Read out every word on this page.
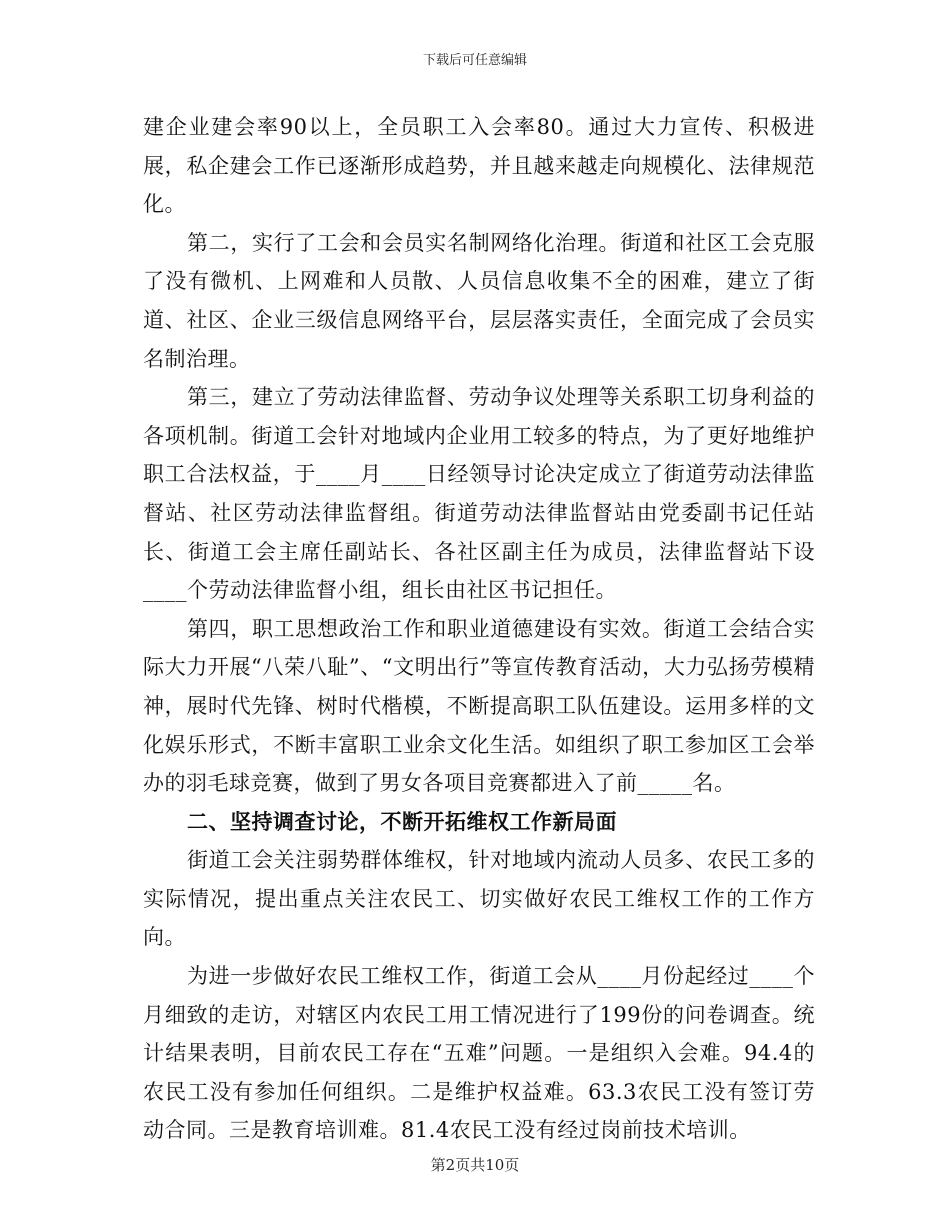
下载后可任意编辑

建企业建会率90以上，全员职工入会率80。通过大力宣传、积极进展，私企建会工作已逐渐形成趋势，并且越来越走向规模化、法律规范化。

第二，实行了工会和会员实名制网络化治理。街道和社区工会克服了没有微机、上网难和人员散、人员信息收集不全的困难，建立了街道、社区、企业三级信息网络平台，层层落实责任，全面完成了会员实名制治理。

第三，建立了劳动法律监督、劳动争议处理等关系职工切身利益的各项机制。街道工会针对地域内企业用工较多的特点，为了更好地维护职工合法权益，于____月____日经领导讨论决定成立了街道劳动法律监督站、社区劳动法律监督组。街道劳动法律监督站由党委副书记任站长、街道工会主席任副站长、各社区副主任为成员，法律监督站下设____个劳动法律监督小组，组长由社区书记担任。

第四，职工思想政治工作和职业道德建设有实效。街道工会结合实际大力开展“八荣八耻”、“文明出行”等宣传教育活动，大力弘扬劳模精神，展时代先锋、树时代楷模，不断提高职工队伍建设。运用多样的文化娱乐形式，不断丰富职工业余文化生活。如组织了职工参加区工会举办的羽毛球竞赛，做到了男女各项目竞赛都进入了前_____名。

二、坚持调查讨论，不断开拓维权工作新局面

街道工会关注弱势群体维权，针对地域内流动人员多、农民工多的实际情况，提出重点关注农民工、切实做好农民工维权工作的工作方向。

为进一步做好农民工维权工作，街道工会从____月份起经过____个月细致的走访，对辖区内农民工用工情况进行了199份的问卷调查。统计结果表明，目前农民工存在“五难”问题。一是组织入会难。94.4的农民工没有参加任何组织。二是维护权益难。63.3农民工没有签订劳动合同。三是教育培训难。81.4农民工没有经过岗前技术培训。

第2页共10页
